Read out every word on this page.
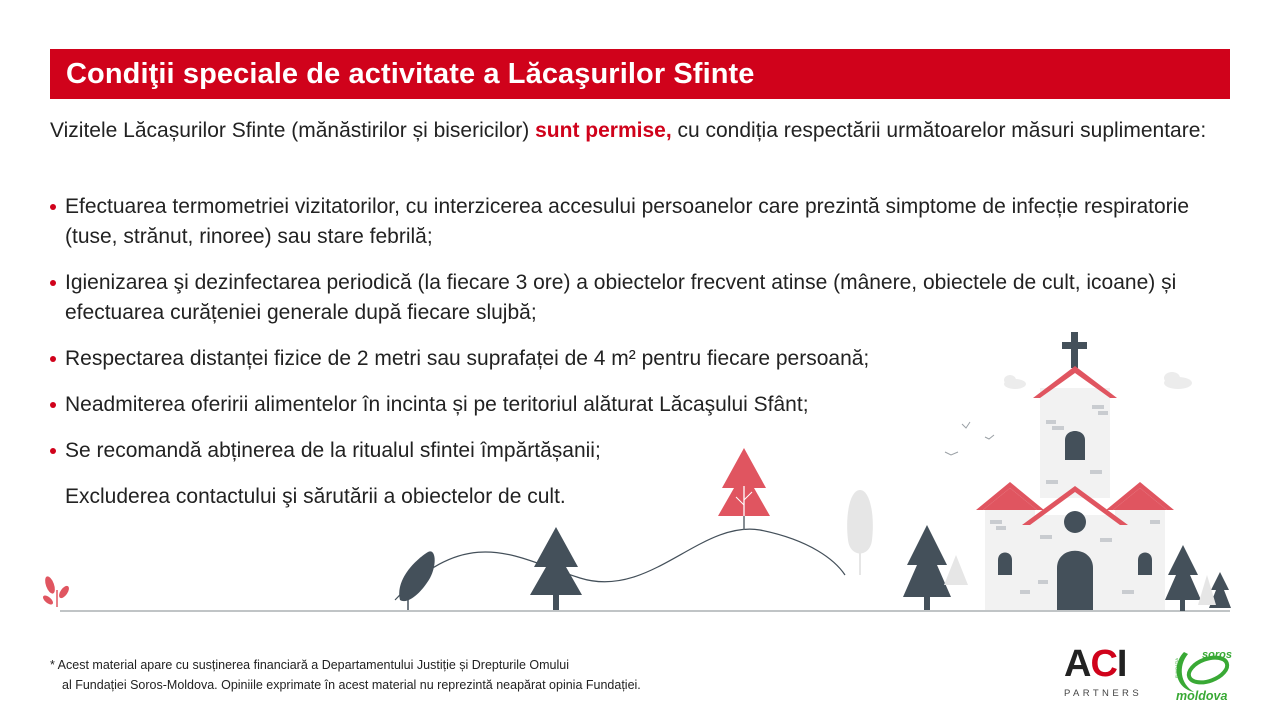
Condiţii speciale de activitate a Lăcaşurilor Sfinte

Vizitele Lăcașurilor Sfinte (mănăstirilor și bisericilor) sunt permise, cu condiția respectării următoarelor măsuri suplimentare:

Efectuarea termometriei vizitatorilor, cu interzicerea accesului persoanelor care prezintă simptome de infecție respiratorie (tuse, strănut, rinoree) sau stare febrilă;
Igienizarea şi dezinfectarea periodică (la fiecare 3 ore) a obiectelor frecvent atinse (mânere, obiectele de cult, icoane) și efectuarea curățeniei generale după fiecare slujbă;
Respectarea distanței fizice de 2 metri sau suprafaței de 4 m² pentru fiecare persoană;
Neadmiterea oferirii alimentelor în incinta și pe teritoriul alăturat Lăcaşului Sfânt;
Se recomandă abținerea de la ritualul sfintei împărtășanii;
Excluderea contactului şi sărutării a obiectelor de cult.
* Acest material apare cu susținerea financiară a Departamentului Justiție și Drepturile Omului
al Fundației Soros-Moldova. Opiniile exprimate în acest material nu reprezintă neapărat opinia Fundației.	ACI
PARTNERS
soros
moldova
FUNDAȚIA
